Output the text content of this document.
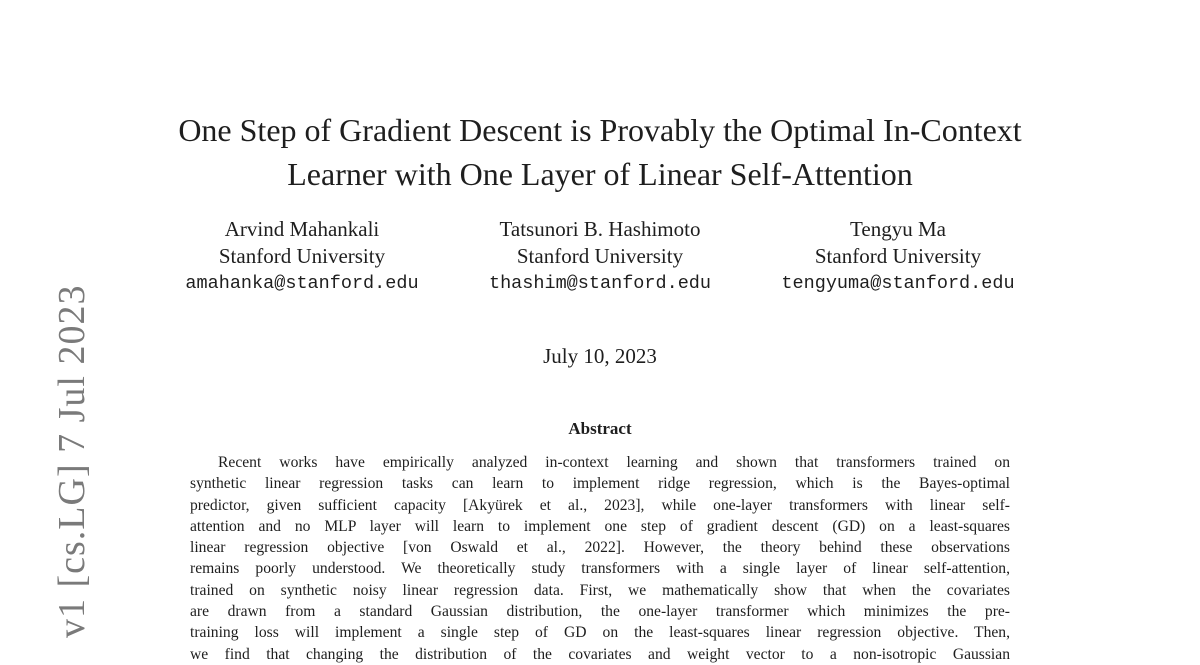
v1 [cs.LG] 7 Jul 2023
One Step of Gradient Descent is Provably the Optimal In-Context
Learner with One Layer of Linear Self-Attention
Arvind Mahankali
Stanford University
amahanka@stanford.edu
Tatsunori B. Hashimoto
Stanford University
thashim@stanford.edu
Tengyu Ma
Stanford University
tengyuma@stanford.edu
July 10, 2023
Abstract
Recent works have empirically analyzed in-context learning and shown that transformers trained on
synthetic linear regression tasks can learn to implement ridge regression, which is the Bayes-optimal
predictor, given sufficient capacity [Akyürek et al., 2023], while one-layer transformers with linear self-
attention and no MLP layer will learn to implement one step of gradient descent (GD) on a least-squares
linear regression objective [von Oswald et al., 2022]. However, the theory behind these observations
remains poorly understood. We theoretically study transformers with a single layer of linear self-attention,
trained on synthetic noisy linear regression data. First, we mathematically show that when the covariates
are drawn from a standard Gaussian distribution, the one-layer transformer which minimizes the pre-
training loss will implement a single step of GD on the least-squares linear regression objective. Then,
we find that changing the distribution of the covariates and weight vector to a non-isotropic Gaussian
